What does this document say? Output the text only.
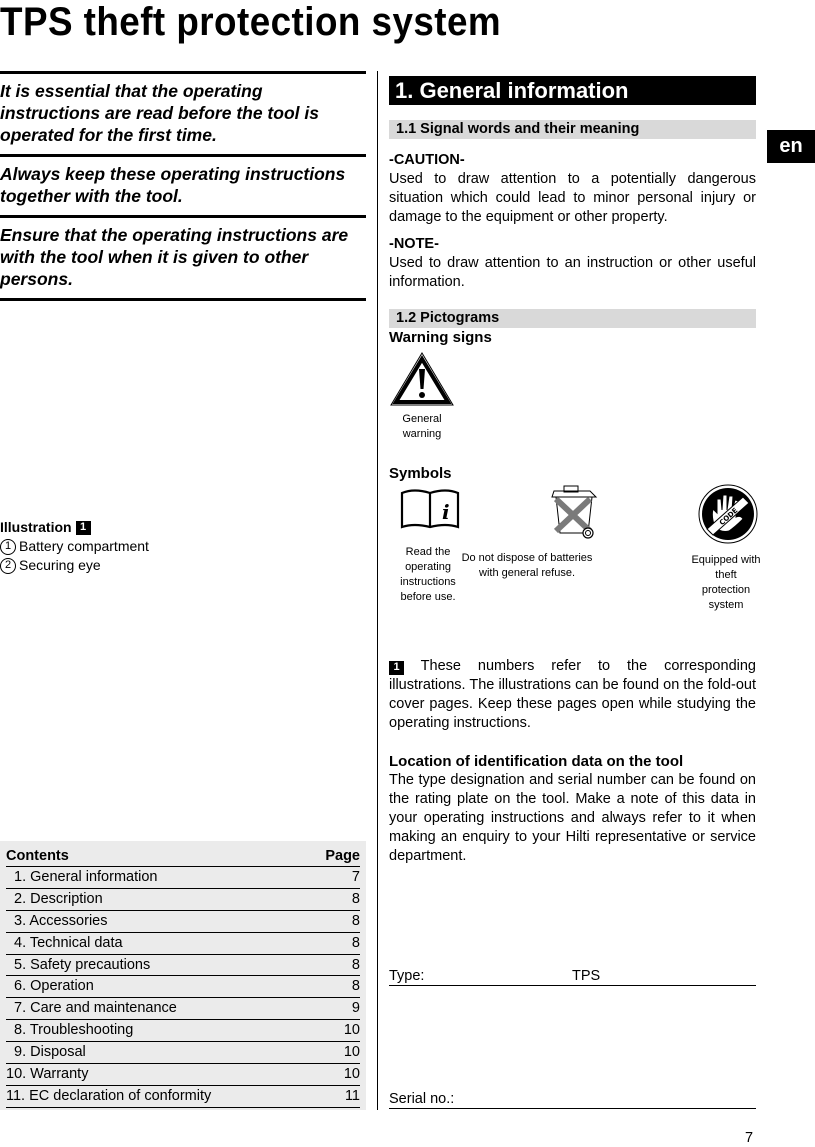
TPS theft protection system
It is essential that the operating instructions are read before the tool is operated for the first time.
Always keep these operating instructions together with the tool.
Ensure that the operating instructions are with the tool when it is given to other persons.
Illustration 1
1 Battery compartment
2 Securing eye
Contents	Page
1. General information	7
2. Description	8
3. Accessories	8
4. Technical data	8
5. Safety precautions	8
6. Operation	8
7. Care and maintenance	9
8. Troubleshooting	10
9. Disposal	10
10. Warranty	10
11. EC declaration of conformity	11
1. General information
1.1 Signal words and their meaning
-CAUTION-
Used to draw attention to a potentially dangerous situation which could lead to minor personal injury or damage to the equipment or other property.
-NOTE-
Used to draw attention to an instruction or other useful information.
1.2 Pictograms
Warning signs
General warning
Symbols
i
Read the operating instructions before use.
Do not dispose of batteries with general refuse.
CODE
Equipped with theft protection system
1 These numbers refer to the corresponding illustrations. The illustrations can be found on the fold-out cover pages. Keep these pages open while studying the operating instructions.
Location of identification data on the tool
The type designation and serial number can be found on the rating plate on the tool. Make a note of this data in your operating instructions and always refer to it when making an enquiry to your Hilti representative or service department.
en
Type:	TPS
Serial no.:
7
